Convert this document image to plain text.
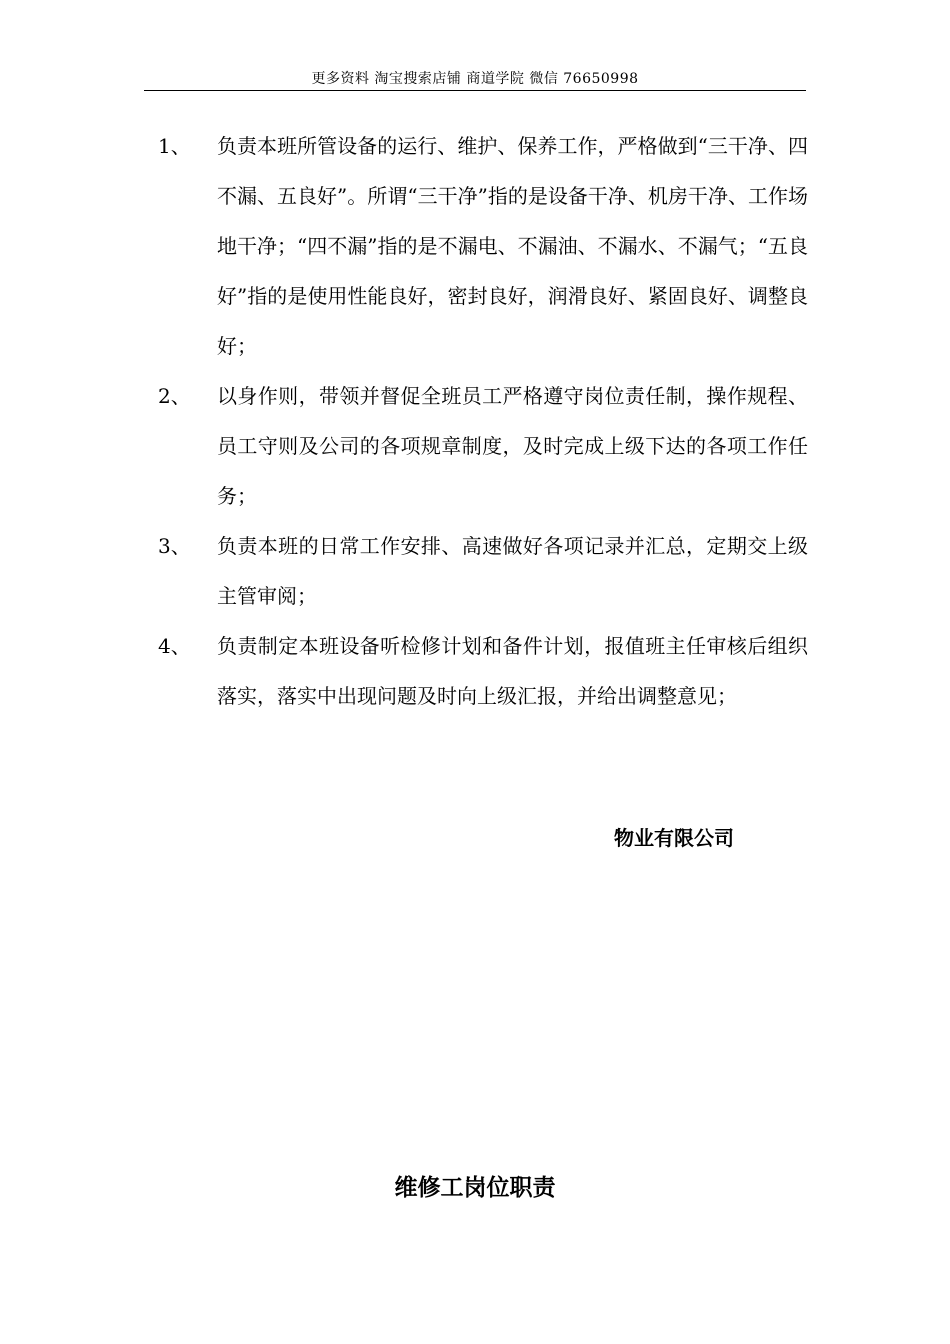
更多资料 淘宝搜索店铺 商道学院 微信 76650998
1、	负责本班所管设备的运行、维护、保养工作，严格做到“三干净、四不漏、五良好”。所谓“三干净”指的是设备干净、机房干净、工作场地干净；“四不漏”指的是不漏电、不漏油、不漏水、不漏气；“五良好”指的是使用性能良好，密封良好，润滑良好、紧固良好、调整良好；
2、	以身作则，带领并督促全班员工严格遵守岗位责任制，操作规程、员工守则及公司的各项规章制度，及时完成上级下达的各项工作任务；
3、	负责本班的日常工作安排、高速做好各项记录并汇总，定期交上级主管审阅；
4、	负责制定本班设备听检修计划和备件计划，报值班主任审核后组织落实，落实中出现问题及时向上级汇报，并给出调整意见；
物业有限公司
维修工岗位职责
